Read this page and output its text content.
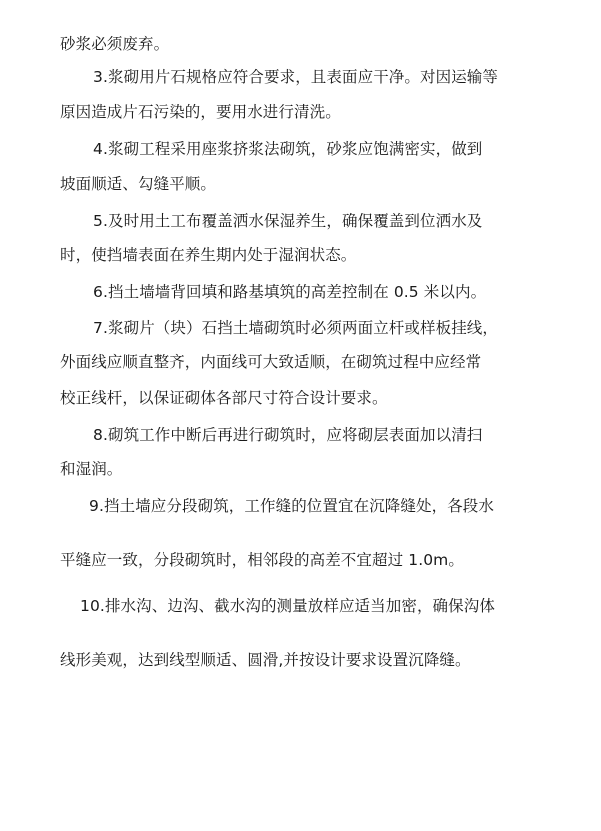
砂浆必须废弃。
3.浆砌用片石规格应符合要求，且表面应干净。对因运输等
原因造成片石污染的，要用水进行清洗。
4.浆砌工程采用座浆挤浆法砌筑，砂浆应饱满密实，做到
坡面顺适、勾缝平顺。
5.及时用土工布覆盖洒水保湿养生，确保覆盖到位洒水及
时，使挡墙表面在养生期内处于湿润状态。
6.挡土墙墙背回填和路基填筑的高差控制在 0.5 米以内。
7.浆砌片（块）石挡土墙砌筑时必须两面立杆或样板挂线，
外面线应顺直整齐，内面线可大致适顺，在砌筑过程中应经常
校正线杆，以保证砌体各部尺寸符合设计要求。
8.砌筑工作中断后再进行砌筑时，应将砌层表面加以清扫
和湿润。
9.挡土墙应分段砌筑，工作缝的位置宜在沉降缝处，各段水
平缝应一致，分段砌筑时，相邻段的高差不宜超过 1.0m。
10.排水沟、边沟、截水沟的测量放样应适当加密，确保沟体
线形美观，达到线型顺适、圆滑,并按设计要求设置沉降缝。
